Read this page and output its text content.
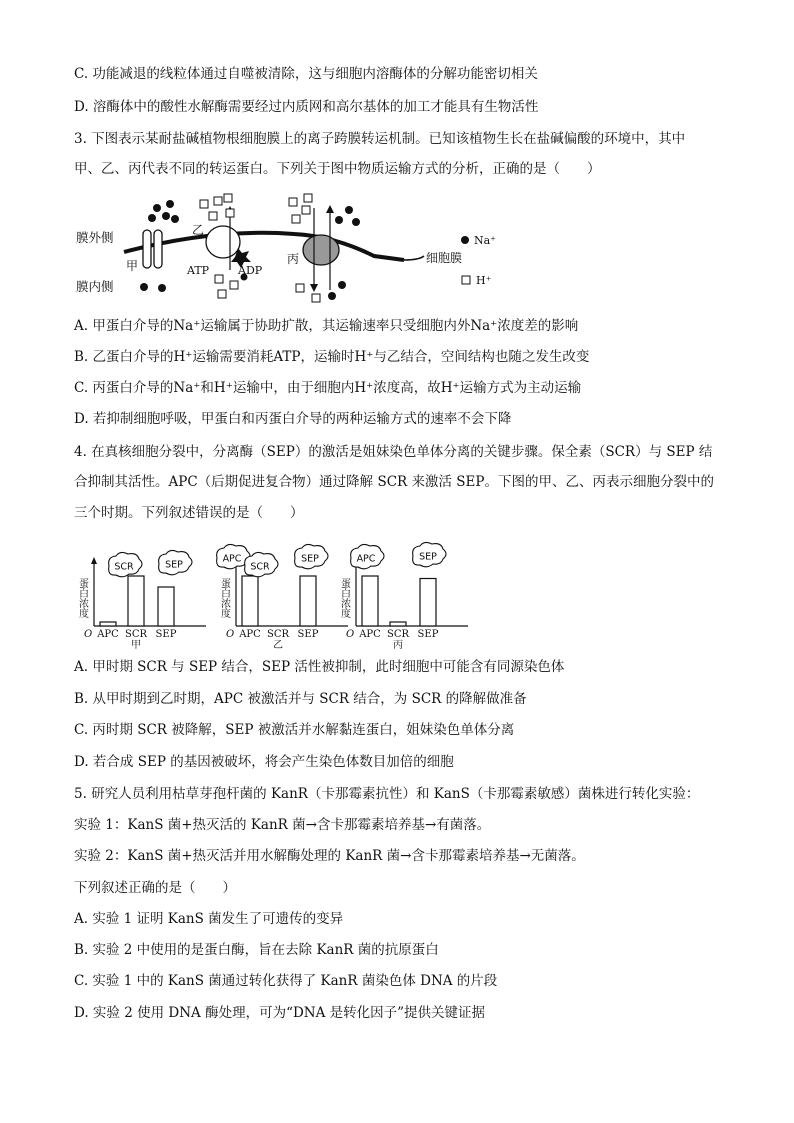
C. 功能减退的线粒体通过自噬被清除，这与细胞内溶酶体的分解功能密切相关
D. 溶酶体中的酸性水解酶需要经过内质网和高尔基体的加工才能具有生物活性
3. 下图表示某耐盐碱植物根细胞膜上的离子跨膜转运机制。已知该植物生长在盐碱偏酸的环境中，其中
甲、乙、丙代表不同的转运蛋白。下列关于图中物质运输方式的分析，正确的是（　　）
膜外侧
膜内侧
甲
乙
ATP	ADP
丙	细胞膜
Na⁺
H⁺
A. 甲蛋白介导的Na⁺运输属于协助扩散，其运输速率只受细胞内外Na⁺浓度差的影响
B. 乙蛋白介导的H⁺运输需要消耗ATP，运输时H⁺与乙结合，空间结构也随之发生改变
C. 丙蛋白介导的Na⁺和H⁺运输中，由于细胞内H⁺浓度高，故H⁺运输方式为主动运输
D. 若抑制细胞呼吸，甲蛋白和丙蛋白介导的两种运输方式的速率不会下降
4. 在真核细胞分裂中，分离酶（SEP）的激活是姐妹染色单体分离的关键步骤。保全素（SCR）与 SEP 结
合抑制其活性。APC（后期促进复合物）通过降解 SCR 来激活 SEP。下图的甲、乙、丙表示细胞分裂中的
三个时期。下列叙述错误的是（　　）
O
蛋白浓度
APC SCR SEP
甲
SCR	SEP
O
蛋白浓度
APC SCR SEP
乙
APC
SCR
SEP
O
蛋白浓度
APC SCR SEP
丙
APC	SEP
A. 甲时期 SCR 与 SEP 结合，SEP 活性被抑制，此时细胞中可能含有同源染色体
B. 从甲时期到乙时期，APC 被激活并与 SCR 结合，为 SCR 的降解做准备
C. 丙时期 SCR 被降解，SEP 被激活并水解黏连蛋白，姐妹染色单体分离
D. 若合成 SEP 的基因被破坏，将会产生染色体数目加倍的细胞
5. 研究人员利用枯草芽孢杆菌的 KanR（卡那霉素抗性）和 KanS（卡那霉素敏感）菌株进行转化实验：
实验 1：KanS 菌+热灭活的 KanR 菌→含卡那霉素培养基→有菌落。
实验 2：KanS 菌+热灭活并用水解酶处理的 KanR 菌→含卡那霉素培养基→无菌落。
下列叙述正确的是（　　）
A. 实验 1 证明 KanS 菌发生了可遗传的变异
B. 实验 2 中使用的是蛋白酶，旨在去除 KanR 菌的抗原蛋白
C. 实验 1 中的 KanS 菌通过转化获得了 KanR 菌染色体 DNA 的片段
D. 实验 2 使用 DNA 酶处理，可为“DNA 是转化因子”提供关键证据
